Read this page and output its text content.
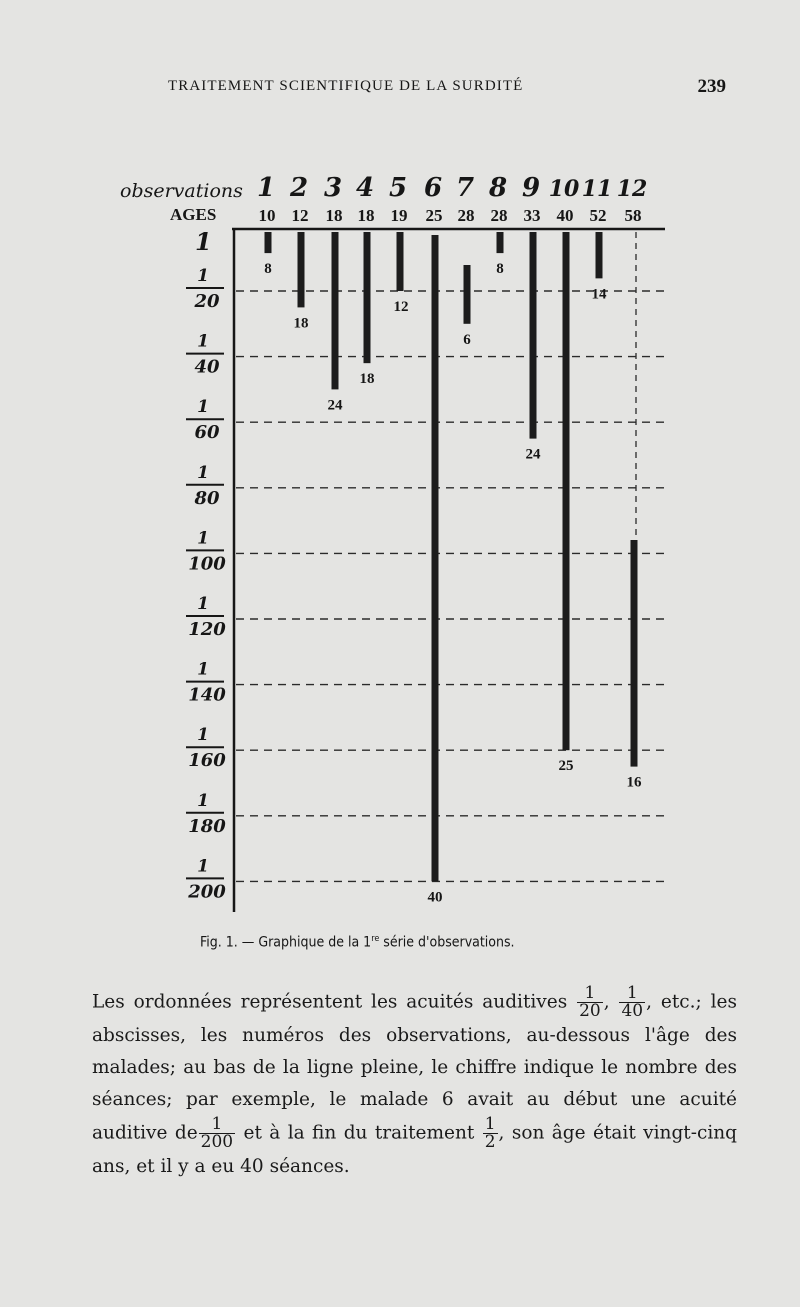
TRAITEMENT SCIENTIFIQUE DE LA SURDITÉ	239
observations 1 2 3 4 5 6 7 8 9 10 11 12
AGES 10 12 18 18 19 25 28 28 33 40 52 58
1
1
20
1
40
1
60
1
80
1
100
1
120
1
140
1
160
1
180
1
200
8
18
24
18
12
40
6
8
24
25
14
16
Fig. 1. — Graphique de la 1re série d'observations.

Les ordonnées représentent les acuités auditives $\frac{1}{20}$ , $\frac{1}{40}$ , etc.; les abscisses, les numéros des observations, au-dessous l'âge des malades; au bas de la ligne pleine, le chiffre indique le nombre des séances; par exemple, le malade 6 avait au début une acuité auditive de $\frac{1}{200}$ et à la fin du traitement $\frac{1}{2}$ , son âge était vingt-cinq ans, et il y a eu 40 séances.
